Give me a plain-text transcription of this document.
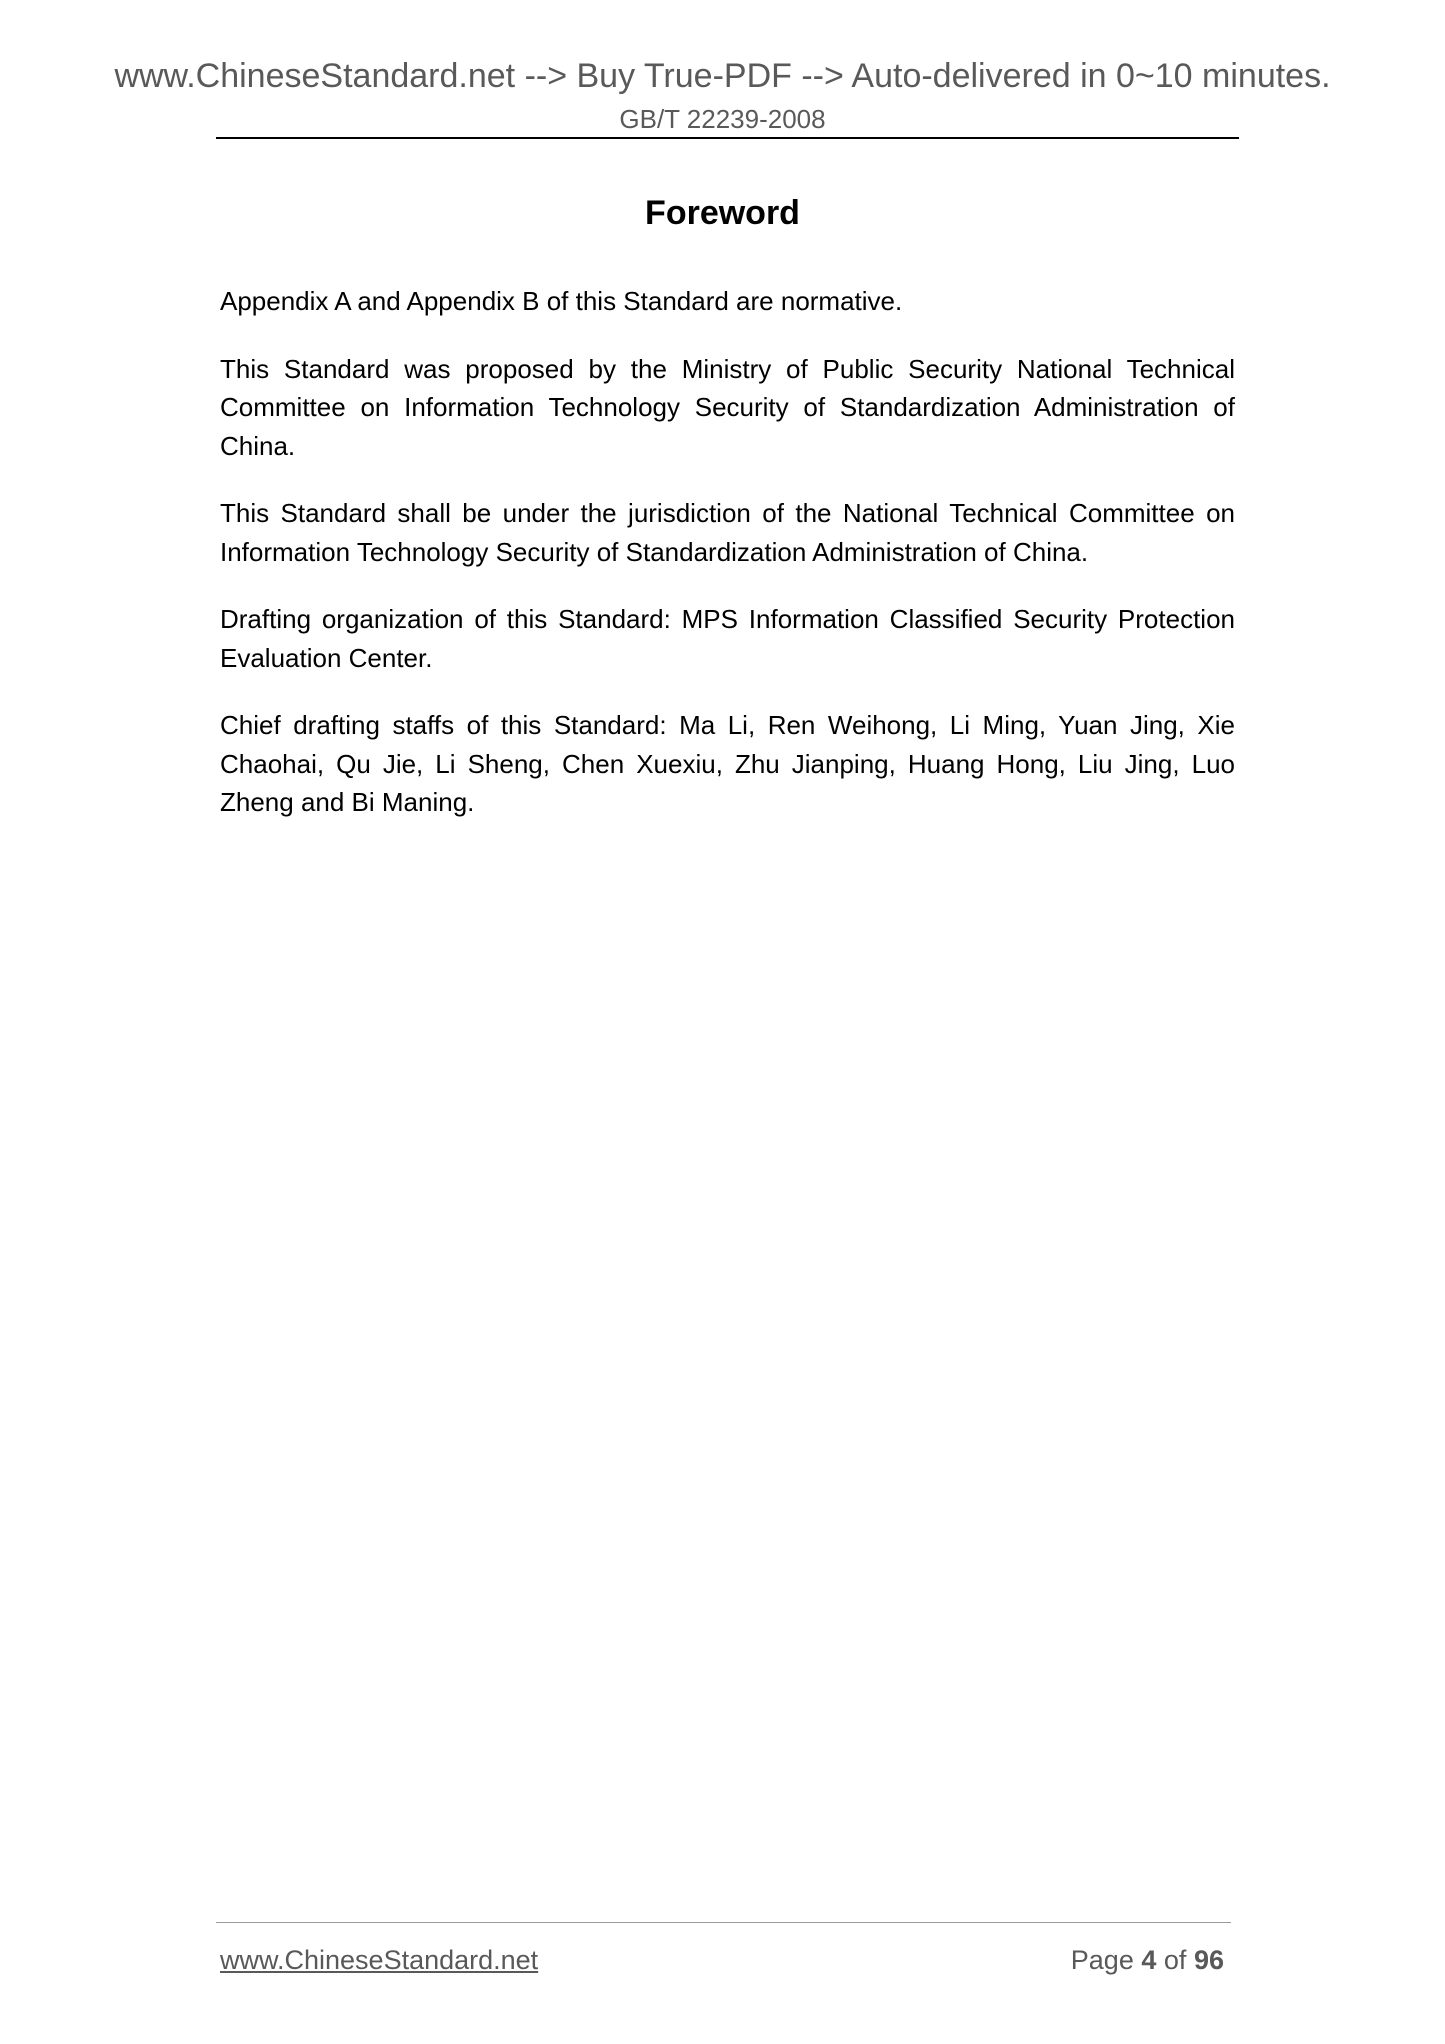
www.ChineseStandard.net --> Buy True-PDF --> Auto-delivered in 0~10 minutes.
GB/T 22239-2008
Foreword

Appendix A and Appendix B of this Standard are normative.

This Standard was proposed by the Ministry of Public Security National Technical Committee on Information Technology Security of Standardization Administration of China.

This Standard shall be under the jurisdiction of the National Technical Committee on Information Technology Security of Standardization Administration of China.

Drafting organization of this Standard: MPS Information Classified Security Protection Evaluation Center.

Chief drafting staffs of this Standard: Ma Li, Ren Weihong, Li Ming, Yuan Jing, Xie Chaohai, Qu Jie, Li Sheng, Chen Xuexiu, Zhu Jianping, Huang Hong, Liu Jing, Luo Zheng and Bi Maning.

www.ChineseStandard.net	Page 4 of 96
